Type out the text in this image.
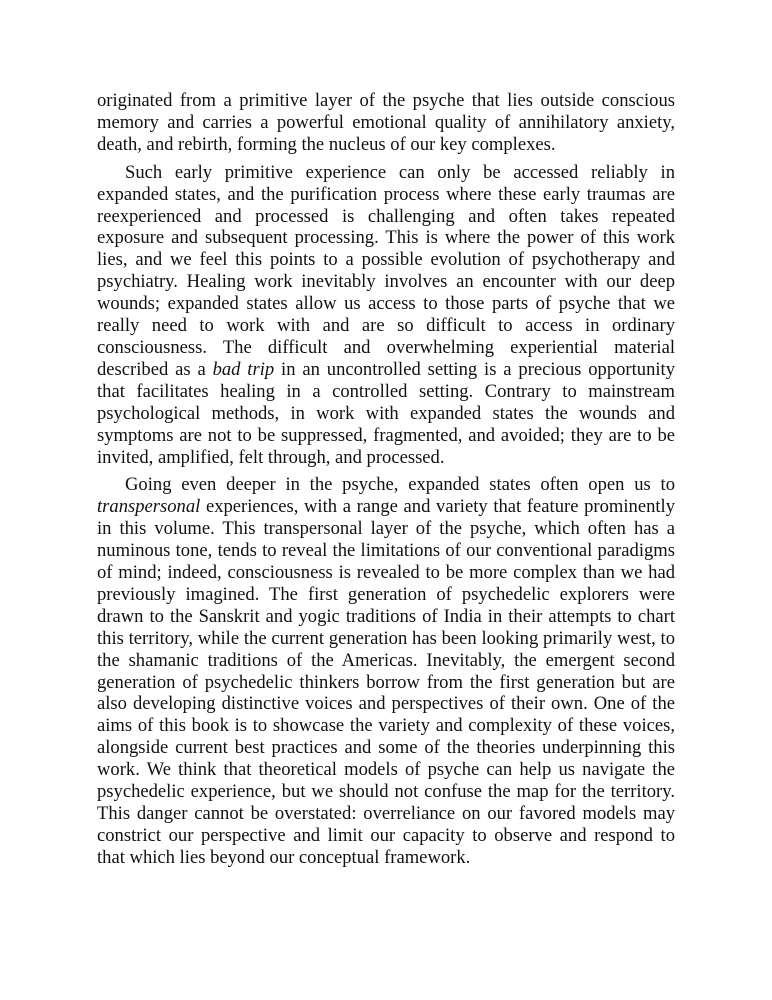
originated from a primitive layer of the psyche that lies outside conscious memory and carries a powerful emotional quality of annihilatory anxiety, death, and rebirth, forming the nucleus of our key complexes.

Such early primitive experience can only be accessed reliably in expanded states, and the purification process where these early traumas are reexperienced and processed is challenging and often takes repeated exposure and subsequent processing. This is where the power of this work lies, and we feel this points to a possible evolution of psychotherapy and psychiatry. Healing work inevitably involves an encounter with our deep wounds; expanded states allow us access to those parts of psyche that we really need to work with and are so difficult to access in ordinary consciousness. The difficult and overwhelming experiential material described as a bad trip in an uncontrolled setting is a precious opportunity that facilitates healing in a controlled setting. Contrary to mainstream psychological methods, in work with expanded states the wounds and symptoms are not to be suppressed, fragmented, and avoided; they are to be invited, amplified, felt through, and processed.

Going even deeper in the psyche, expanded states often open us to transpersonal experiences, with a range and variety that feature prominently in this volume. This transpersonal layer of the psyche, which often has a numinous tone, tends to reveal the limitations of our conventional paradigms of mind; indeed, consciousness is revealed to be more complex than we had previously imagined. The first generation of psychedelic explorers were drawn to the Sanskrit and yogic traditions of India in their attempts to chart this territory, while the current generation has been looking primarily west, to the shamanic traditions of the Americas. Inevitably, the emergent second generation of psychedelic thinkers borrow from the first generation but are also developing distinctive voices and perspectives of their own. One of the aims of this book is to showcase the variety and complexity of these voices, alongside current best practices and some of the theories underpinning this work. We think that theoretical models of psyche can help us navigate the psychedelic experience, but we should not confuse the map for the territory. This danger cannot be overstated: overreliance on our favored models may constrict our perspective and limit our capacity to observe and respond to that which lies beyond our conceptual framework.
